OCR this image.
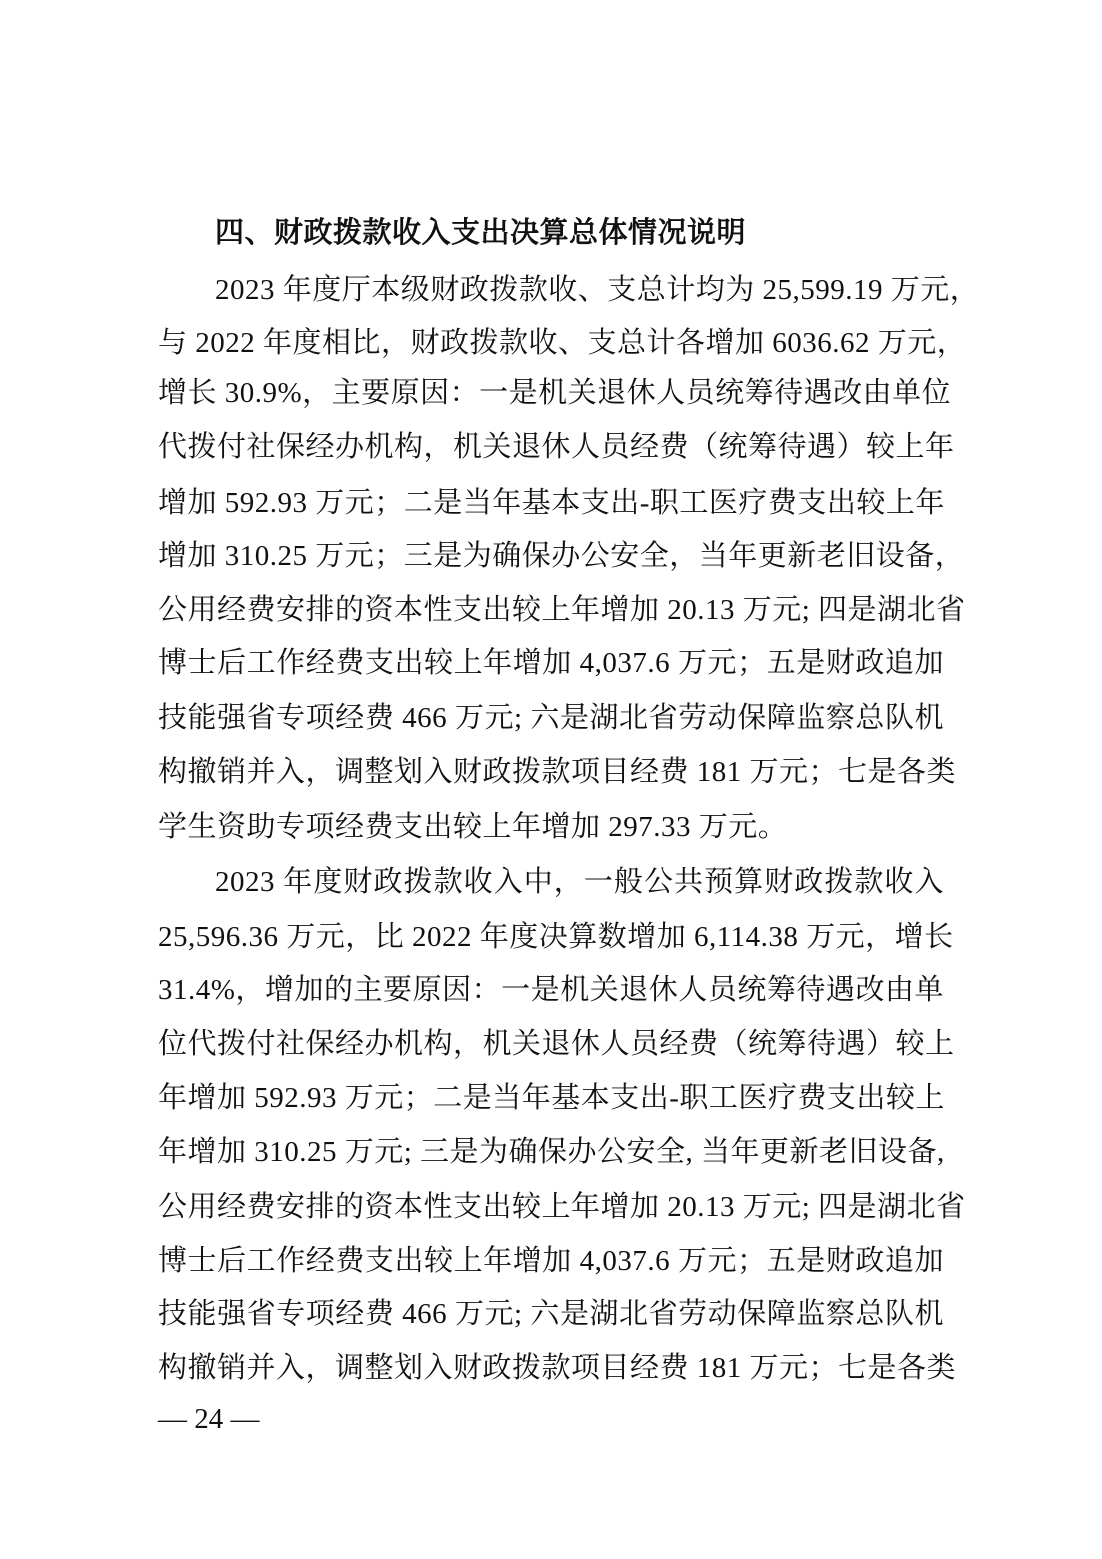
四、财政拨款收入支出决算总体情况说明
2023 年度厅本级财政拨款收、支总计均为 25,599.19 万元，
与 2022 年度相比，财政拨款收、支总计各增加 6036.62 万元，
增长 30.9%，主要原因：一是机关退休人员统筹待遇改由单位
代拨付社保经办机构，机关退休人员经费（统筹待遇）较上年
增加 592.93 万元；二是当年基本支出-职工医疗费支出较上年
增加 310.25 万元；三是为确保办公安全，当年更新老旧设备，
公用经费安排的资本性支出较上年增加 20.13 万元; 四是湖北省
博士后工作经费支出较上年增加 4,037.6 万元；五是财政追加
技能强省专项经费 466 万元; 六是湖北省劳动保障监察总队机
构撤销并入，调整划入财政拨款项目经费 181 万元；七是各类
学生资助专项经费支出较上年增加 297.33 万元。
2023 年度财政拨款收入中，一般公共预算财政拨款收入
25,596.36 万元，比 2022 年度决算数增加 6,114.38 万元，增长
31.4%，增加的主要原因：一是机关退休人员统筹待遇改由单
位代拨付社保经办机构，机关退休人员经费（统筹待遇）较上
年增加 592.93 万元；二是当年基本支出-职工医疗费支出较上
年增加 310.25 万元; 三是为确保办公安全, 当年更新老旧设备,
公用经费安排的资本性支出较上年增加 20.13 万元; 四是湖北省
博士后工作经费支出较上年增加 4,037.6 万元；五是财政追加
技能强省专项经费 466 万元; 六是湖北省劳动保障监察总队机
构撤销并入，调整划入财政拨款项目经费 181 万元；七是各类
— 24 —
